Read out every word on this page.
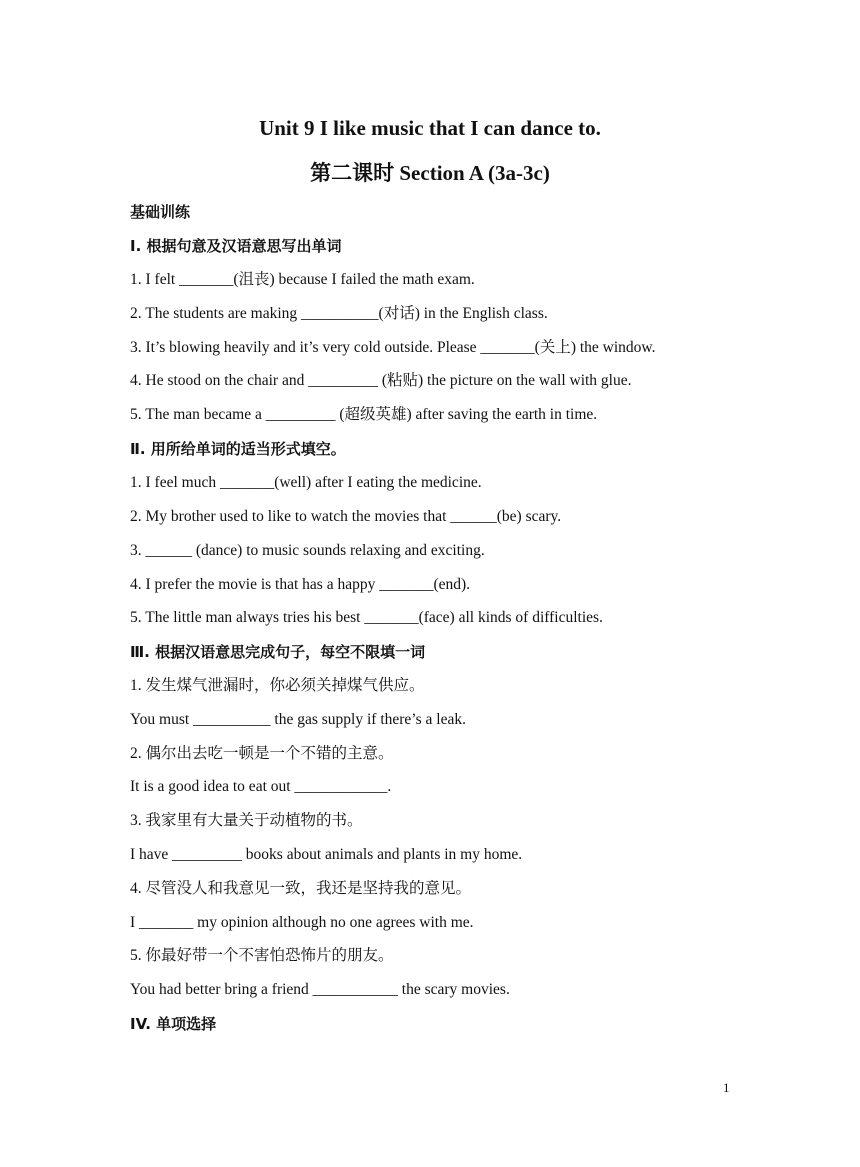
Unit 9 I like music that I can dance to.
第二课时 Section A (3a-3c)
基础训练
Ⅰ. 根据句意及汉语意思写出单词
1. I felt _______(沮丧) because I failed the math exam.
2. The students are making __________(对话) in the English class.
3. It’s blowing heavily and it’s very cold outside. Please _______(关上) the window.
4. He stood on the chair and _________ (粘贴) the picture on the wall with glue.
5. The man became a _________ (超级英雄) after saving the earth in time.
Ⅱ. 用所给单词的适当形式填空。
1. I feel much _______(well) after I eating the medicine.
2. My brother used to like to watch the movies that ______(be) scary.
3. ______ (dance) to music sounds relaxing and exciting.
4. I prefer the movie is that has a happy _______(end).
5. The little man always tries his best _______(face) all kinds of difficulties.
Ⅲ. 根据汉语意思完成句子，每空不限填一词
1. 发生煤气泄漏时，你必须关掉煤气供应。
You must __________ the gas supply if there’s a leak.
2. 偶尔出去吃一顿是一个不错的主意。
It is a good idea to eat out ____________.
3. 我家里有大量关于动植物的书。
I have _________ books about animals and plants in my home.
4. 尽管没人和我意见一致，我还是坚持我的意见。
I _______ my opinion although no one agrees with me.
5. 你最好带一个不害怕恐怖片的朋友。
You had better bring a friend ___________ the scary movies.
IV. 单项选择
1
